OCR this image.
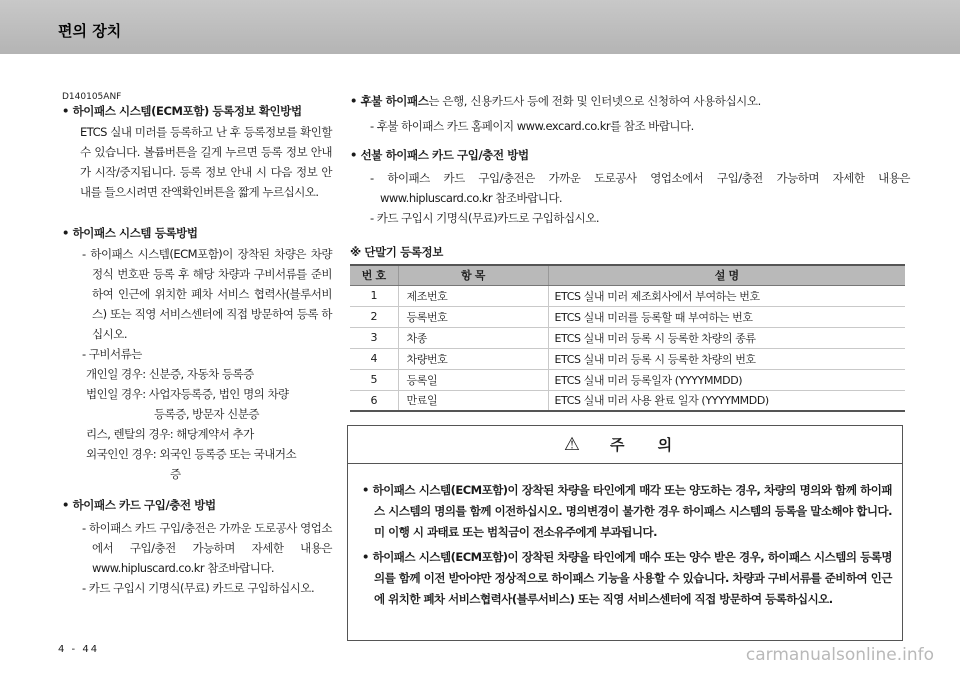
편의 장치
D140105ANF
• 하이패스 시스템(ECM포함) 등록정보 확인방법
ETCS 실내 미러를 등록하고 난 후 등록정보를 확인할 수 있습니다. 볼륨버튼을 길게 누르면 등록 정보 안내가 시작/중지됩니다. 등록 정보 안내 시 다음 정보 안내를 들으시려면 잔액확인버튼을 짧게 누르십시오.
• 하이패스 시스템 등록방법
- 하이패스 시스템(ECM포함)이 장착된 차량은 차량 정식 번호판 등록 후 해당 차량과 구비서류를 준비하여 인근에 위치한 폐차 서비스 협력사(블루서비스) 또는 직영 서비스센터에 직접 방문하여 등록 하십시오.
- 구비서류는
개인일 경우: 신분증, 자동차 등록증
법인일 경우: 사업자등록증, 법인 명의 차량
등록증, 방문자 신분증
리스, 렌탈의 경우: 해당계약서 추가
외국인인 경우: 외국인 등록증 또는 국내거소
증
• 하이패스 카드 구입/충전 방법
- 하이패스 카드 구입/충전은 가까운 도로공사 영업소에서 구입/충전 가능하며 자세한 내용은 www.hipluscard.co.kr 참조바랍니다.
- 카드 구입시 기명식(무료) 카드로 구입하십시오.
• 후불 하이패스는 은행, 신용카드사 등에 전화 및 인터넷으로 신청하여 사용하십시오.
- 후불 하이패스 카드 홈페이지 www.excard.co.kr를 참조 바랍니다.
• 선불 하이패스 카드 구입/충전 방법
- 하이패스 카드 구입/충전은 가까운 도로공사 영업소에서 구입/충전 가능하며 자세한 내용은 www.hipluscard.co.kr 참조바랍니다.
- 카드 구입시 기명식(무료)카드로 구입하십시오.
※ 단말기 등록정보
번 호	항 목	설 명
1	제조번호	ETCS 실내 미러 제조회사에서 부여하는 번호
2	등록번호	ETCS 실내 미러를 등록할 때 부여하는 번호
3	차종	ETCS 실내 미러 등록 시 등록한 차량의 종류
4	차량번호	ETCS 실내 미러 등록 시 등록한 차량의 번호
5	등록일	ETCS 실내 미러 등록일자 (YYYYMMDD)
6	만료일	ETCS 실내 미러 사용 완료 일자 (YYYYMMDD)
⚠ 주 의
• 하이패스 시스템(ECM포함)이 장착된 차량을 타인에게 매각 또는 양도하는 경우, 차량의 명의와 함께 하이패스 시스템의 명의를 함께 이전하십시오. 명의변경이 불가한 경우 하이패스 시스템의 등록을 말소해야 합니다. 미 이행 시 과태료 또는 범칙금이 전소유주에게 부과됩니다.
• 하이패스 시스템(ECM포함)이 장착된 차량을 타인에게 매수 또는 양수 받은 경우, 하이패스 시스템의 등록명의를 함께 이전 받아야만 정상적으로 하이패스 기능을 사용할 수 있습니다. 차량과 구비서류를 준비하여 인근에 위치한 폐차 서비스협력사(블루서비스) 또는 직영 서비스센터에 직접 방문하여 등록하십시오.
4 - 44	carmanualsonline.info
